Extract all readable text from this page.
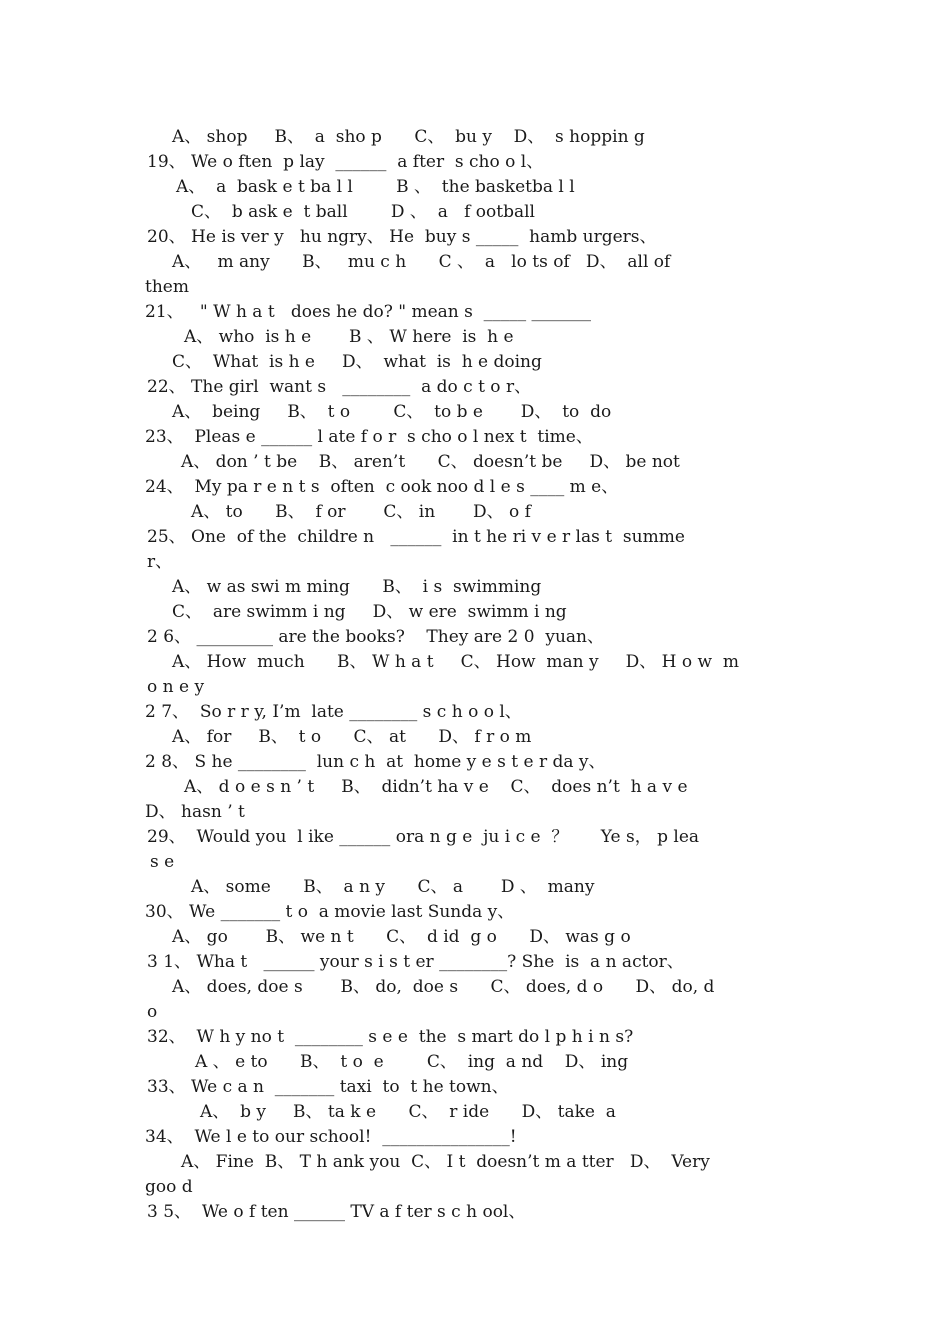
A、 shop     B、  a  sho p      C、  bu y    D、  s hoppin g
19、 We o ften  p lay  ______  a fter  s cho o l、
A、  a  bask e t ba l l        B 、  the basketba l l
C、  b ask e  t ball        D 、  a   f ootball
20、 He is ver y   hu ngry、 He  buy s _____  hamb urgers、
A、   m any      B、   mu c h      C 、  a   lo ts of   D、  all of
them
21、   " W h a t   does he do? " mean s  _____ _______
A、 who  is h e       B 、 W here  is  h e
C、  What  is h e     D、  what  is  h e doing
22、 The girl  want s   ________  a do c t o r、
A、  being     B、  t o        C、  to b e       D、  to  do
23、  Pleas e ______ l ate f o r  s cho o l nex t  time、
A、 don ’ t be    B、 aren’t      C、 doesn’t be     D、 be not
24、  My pa r e n t s  often  c ook noo d l e s ____ m e、
A、 to      B、  f or       C、 in       D、 o f
25、 One  of the  childre n   ______  in t he ri v e r las t  summe
r、
A、 w as swi m ming      B、  i s  swimming
C、  are swimm i ng     D、 w ere  swimm i ng
2 6、 _________ are the books?    They are 2 0  yuan、
A、 How  much      B、 W h a t     C、 How  man y     D、 H o w  m
o n e y
2 7、  So r r y, I’m  late ________ s c h o o l、
A、 for     B、  t o      C、 at      D、 f r o m
2 8、 S he ________  lun c h  at  home y e s t e r da y、
A、 d o e s n ’ t     B、  didn’t ha v e    C、  does n’t  h a v e
D、 hasn ’ t
29、  Would you  l ike ______ ora n g e  ju i c e  ？      Ye s， p lea
s e
A、 some      B、  a n y      C、 a       D 、  many
30、 We _______ t o  a movie last Sunda y、
A、 go       B、 we n t      C、  d id  g o      D、 was g o
3 1、 Wha t   ______ your s i s t er ________? She  is  a n actor、
A、 does, doe s       B、 do,  doe s      C、 does, d o      D、 do, d
o
32、  W h y no t  ________ s e e  the  s mart do l p h i n s?
A 、 e to      B、  t o  e        C、  ing  a nd    D、 ing
33、 We c a n  _______ taxi  to  t he town、
A、  b y     B、 ta k e      C、  r ide      D、 take  a
34、  We l e to our school!  _______________!
A、 Fine  B、 T h ank you  C、 I t  doesn’t m a tter   D、  Very
goo d
3 5、  We o f ten ______ TV a f ter s c h ool、
